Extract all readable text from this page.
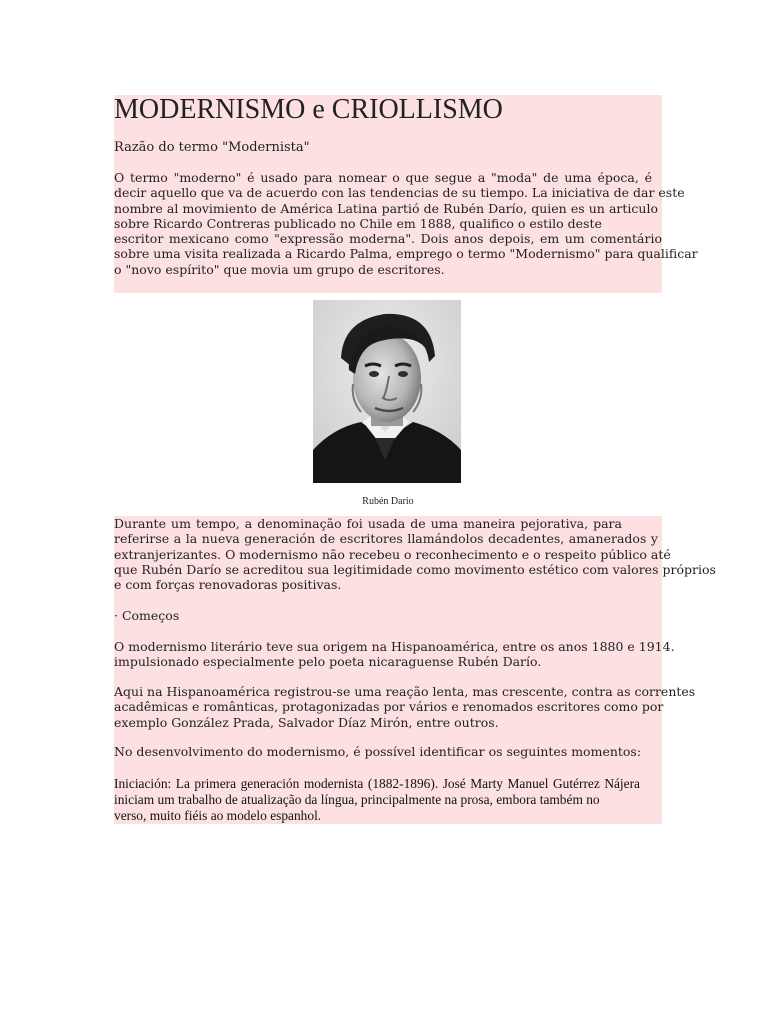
MODERNISMO e CRIOLLISMO

Razão do termo "Modernista"

O termo "moderno" é usado para nomear o que segue a "moda" de uma época, é
decir aquello que va de acuerdo con las tendencias de su tiempo. La iniciativa de dar este
nombre al movimiento de América Latina partió de Rubén Darío, quien es un articulo
sobre Ricardo Contreras publicado no Chile em 1888, qualifico o estilo deste
escritor mexicano como "expressão moderna". Dois anos depois, em um comentário
sobre uma visita realizada a Ricardo Palma, emprego o termo "Modernismo" para qualificar
o "novo espírito" que movia um grupo de escritores.
Rubén Dario
Durante um tempo, a denominação foi usada de uma maneira pejorativa, para
referirse a la nueva generación de escritores llamándolos decadentes, amanerados y
extranjerizantes. O modernismo não recebeu o reconhecimento e o respeito público até
que Rubén Darío se acreditou sua legitimidade como movimento estético com valores próprios
e com forças renovadoras positivas.
· Começos
O modernismo literário teve sua origem na Hispanoamérica, entre os anos 1880 e 1914.
impulsionado especialmente pelo poeta nicaraguense Rubén Darío.
Aqui na Hispanoamérica registrou-se uma reação lenta, mas crescente, contra as correntes
acadêmicas e românticas, protagonizadas por vários e renomados escritores como por
exemplo González Prada, Salvador Díaz Mirón, entre outros.
No desenvolvimento do modernismo, é possível identificar os seguintes momentos:
Iniciación: La primera generación modernista (1882-1896). José Marty Manuel Gutérrez Nájera
iniciam um trabalho de atualização da língua, principalmente na prosa, embora também no
verso, muito fiéis ao modelo espanhol.
